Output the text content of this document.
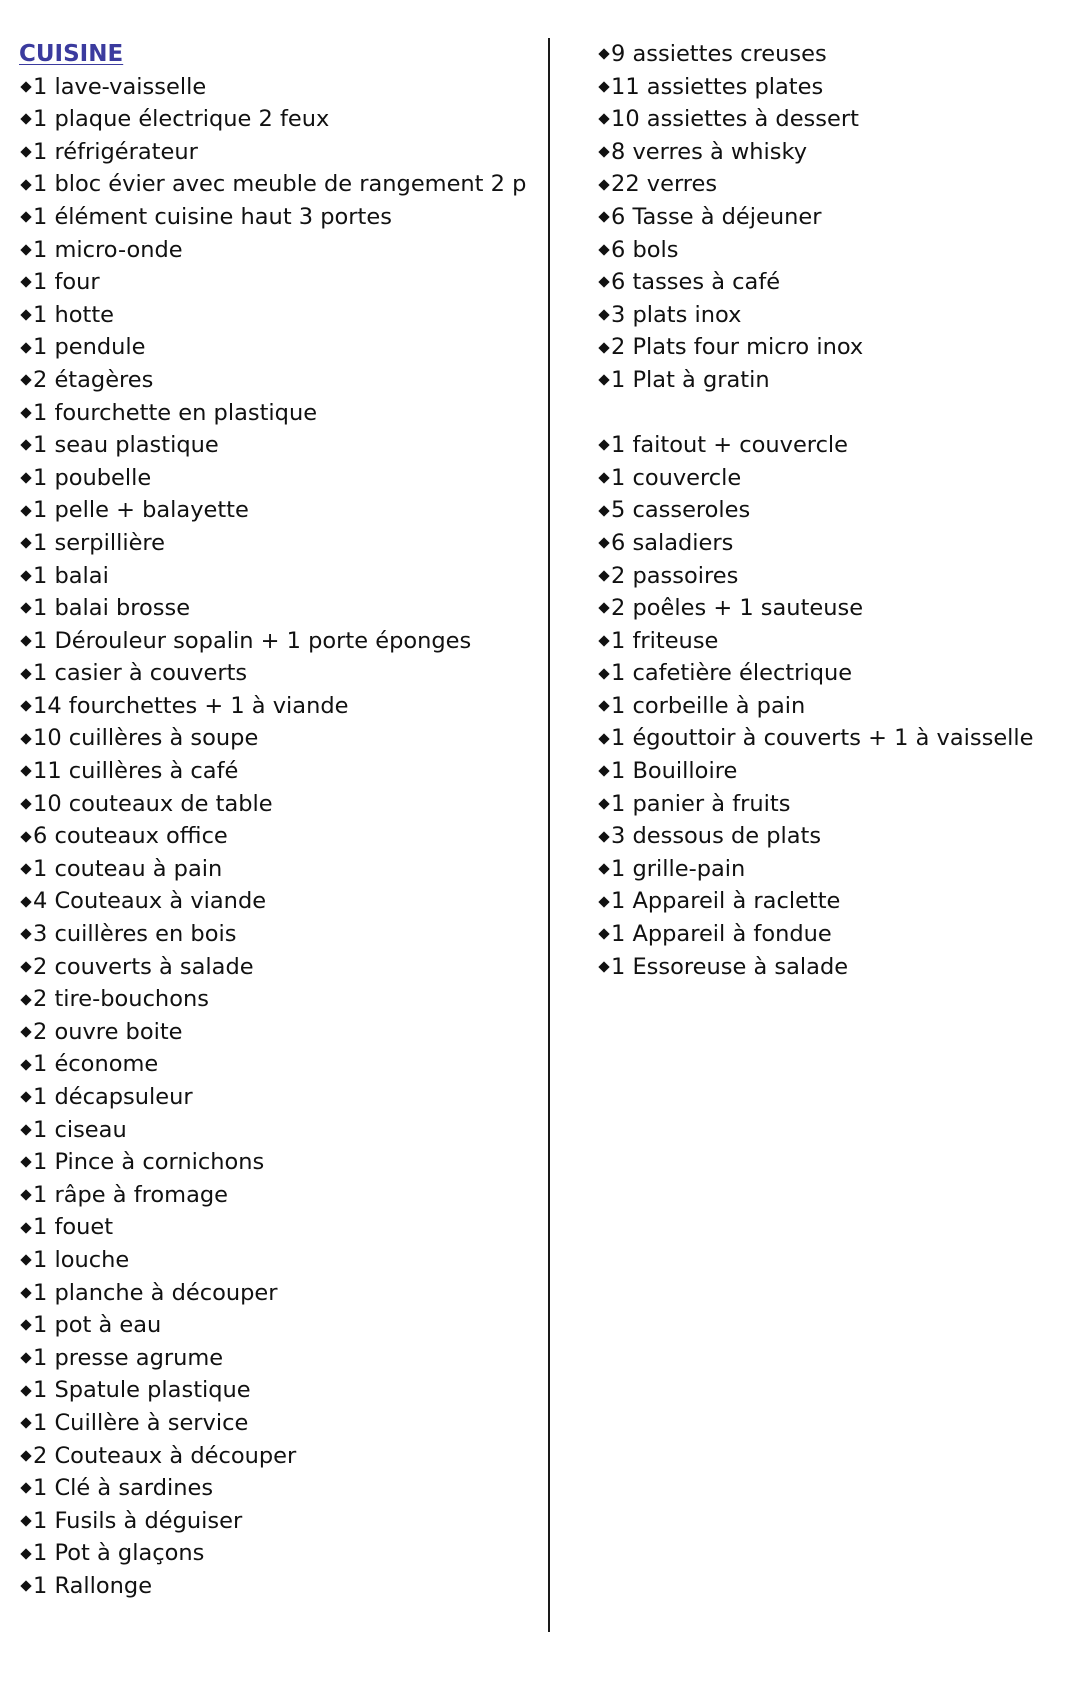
CUISINE
1 lave-vaisselle
1 plaque électrique 2 feux
1 réfrigérateur
1 bloc évier avec meuble de rangement 2 p
1 élément cuisine haut 3 portes
1 micro-onde
1 four
1 hotte
1 pendule
2 étagères
1 fourchette en plastique
1 seau plastique
1 poubelle
1 pelle + balayette
1 serpillière
1 balai
1 balai brosse
1 Dérouleur sopalin + 1 porte éponges
1 casier à couverts
14 fourchettes + 1 à viande
10 cuillères à soupe
11 cuillères à café
10 couteaux de table
6 couteaux office
1 couteau à pain
4 Couteaux à viande
3 cuillères en bois
2 couverts à salade
2 tire-bouchons
2 ouvre boite
1 économe
1 décapsuleur
1 ciseau
1 Pince à cornichons
1 râpe à fromage
1 fouet
1 louche
1 planche à découper
1 pot à eau
1 presse agrume
1 Spatule plastique
1 Cuillère à service
2 Couteaux à découper
1 Clé à sardines
1 Fusils à déguiser
1 Pot à glaçons
1 Rallonge
9 assiettes creuses
11 assiettes plates
10 assiettes à dessert
8 verres à whisky
22 verres
6 Tasse à déjeuner
6 bols
6 tasses à café
3 plats inox
2 Plats four micro inox
1 Plat à gratin
1 faitout + couvercle
1 couvercle
5 casseroles
6 saladiers
2 passoires
2 poêles + 1 sauteuse
1 friteuse
1 cafetière électrique
1 corbeille à pain
1 égouttoir à couverts + 1 à vaisselle
1 Bouilloire
1 panier à fruits
3 dessous de plats
1 grille-pain
1 Appareil à raclette
1 Appareil à fondue
1 Essoreuse à salade
